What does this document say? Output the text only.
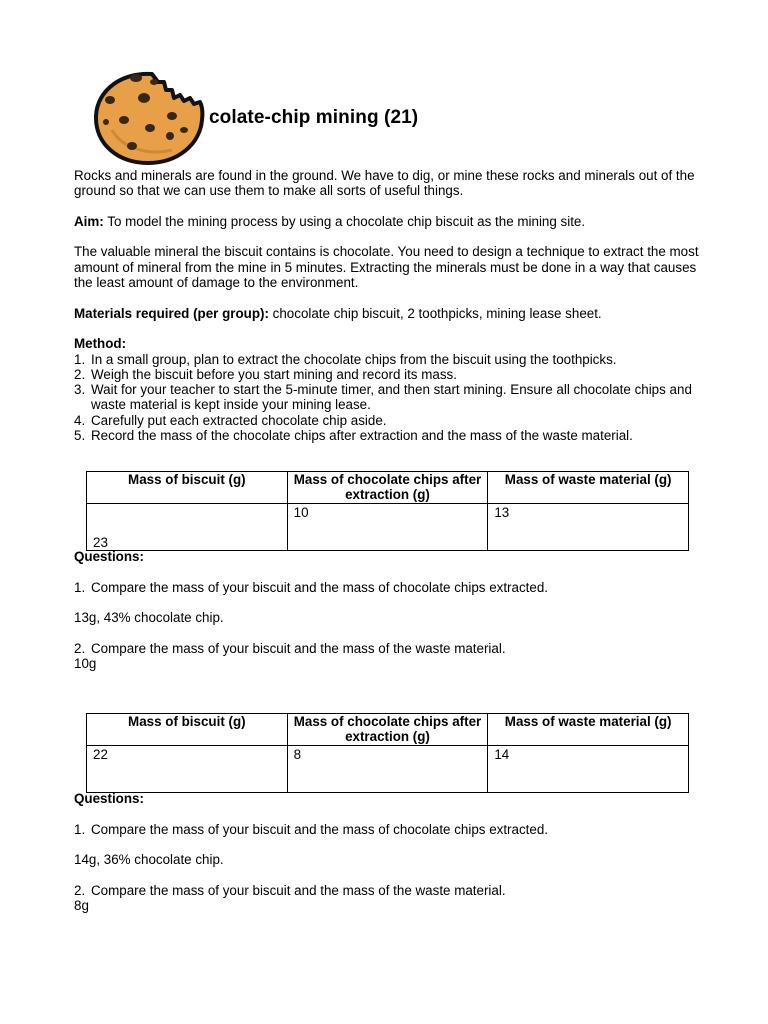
colate-chip mining (21)

Rocks and minerals are found in the ground. We have to dig, or mine these rocks and minerals out of the ground so that we can use them to make all sorts of useful things.

Aim: To model the mining process by using a chocolate chip biscuit as the mining site.

The valuable mineral the biscuit contains is chocolate. You need to design a technique to extract the most amount of mineral from the mine in 5 minutes. Extracting the minerals must be done in a way that causes the least amount of damage to the environment.

Materials required (per group): chocolate chip biscuit, 2 toothpicks, mining lease sheet.

Method:
1. In a small group, plan to extract the chocolate chips from the biscuit using the toothpicks.
2. Weigh the biscuit before you start mining and record its mass.
3. Wait for your teacher to start the 5-minute timer, and then start mining. Ensure all chocolate chips and waste material is kept inside your mining lease.
4. Carefully put each extracted chocolate chip aside.
5. Record the mass of the chocolate chips after extraction and the mass of the waste material.
Mass of biscuit (g)	Mass of chocolate chips after extraction (g)	Mass of waste material (g)

23	10	13
Questions:
1. Compare the mass of your biscuit and the mass of chocolate chips extracted.
13g, 43% chocolate chip.
2. Compare the mass of your biscuit and the mass of the waste material.
10g
Mass of biscuit (g)	Mass of chocolate chips after extraction (g)	Mass of waste material (g)
22	8	14
Questions:
1. Compare the mass of your biscuit and the mass of chocolate chips extracted.
14g, 36% chocolate chip.
2. Compare the mass of your biscuit and the mass of the waste material.
8g
